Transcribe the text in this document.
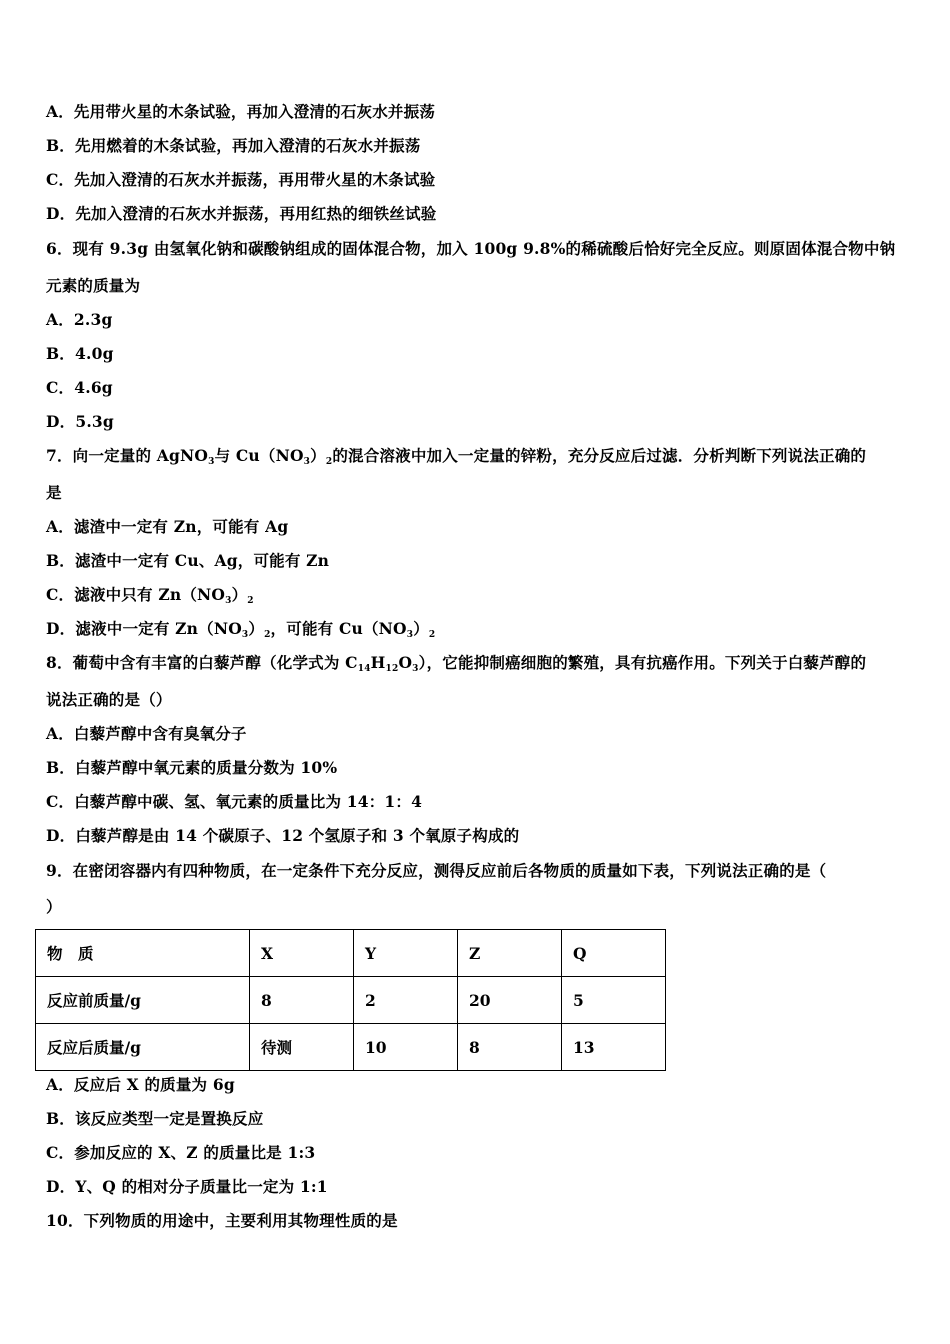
A．先用带火星的木条试验，再加入澄清的石灰水并振荡
B．先用燃着的木条试验，再加入澄清的石灰水并振荡
C．先加入澄清的石灰水并振荡，再用带火星的木条试验
D．先加入澄清的石灰水并振荡，再用红热的细铁丝试验
6．现有 9.3g 由氢氧化钠和碳酸钠组成的固体混合物，加入 100g 9.8%的稀硫酸后恰好完全反应。则原固体混合物中钠
元素的质量为
A．2.3g
B．4.0g
C．4.6g
D．5.3g
7．向一定量的 AgNO$_3$与 $Cu(NO_3)_2$的混合溶液中加入一定量的锌粉，充分反应后过滤．分析判断下列说法正确的
是
A．滤渣中一定有 Zn，可能有 Ag
B．滤渣中一定有 Cu、Ag，可能有 Zn
C．滤液中只有 $Zn(NO_3)_2$
D．滤液中一定有 $Zn(NO_3)_2$，可能有 $Cu(NO_3)_2$
8．葡萄中含有丰富的白藜芦醇（化学式为 $C_{14}H_{12}O_3$），它能抑制癌细胞的繁殖，具有抗癌作用。下列关于白藜芦醇的
说法正确的是（）
A．白藜芦醇中含有臭氧分子
B．白藜芦醇中氧元素的质量分数为 10%
C．白藜芦醇中碳、氢、氧元素的质量比为 14：1：4
D．白藜芦醇是由 14 个碳原子、12 个氢原子和 3 个氧原子构成的
9．在密闭容器内有四种物质，在一定条件下充分反应，测得反应前后各物质的质量如下表，下列说法正确的是（
）
物　质	X	Y	Z	Q
反应前质量/g	8	2	20	5
反应后质量/g	待测	10	8	13
A．反应后 X 的质量为 6g
B．该反应类型一定是置换反应
C．参加反应的 X、Z 的质量比是 1:3
D．Y、Q 的相对分子质量比一定为 1:1
10．下列物质的用途中，主要利用其物理性质的是
